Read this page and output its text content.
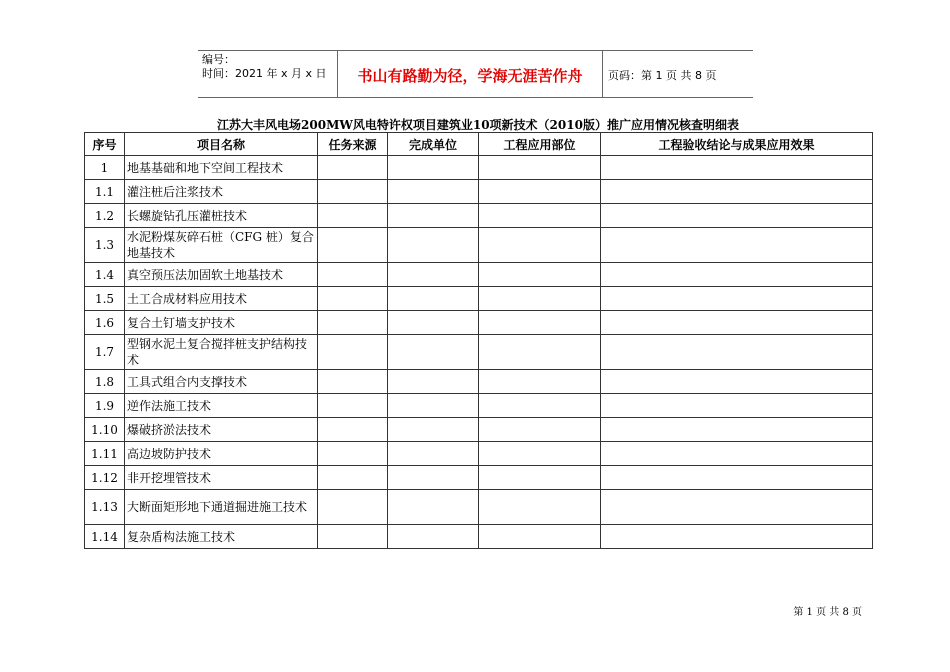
编号：
时间：2021 年 x 月 x 日	书山有路勤为径，学海无涯苦作舟	页码：第 1 页 共 8 页
江苏大丰风电场200MW风电特许权项目建筑业10项新技术（2010版）推广应用情况核查明细表
序号	项目名称	任务来源	完成单位	工程应用部位	工程验收结论与成果应用效果
1	地基基础和地下空间工程技术				
1.1	灌注桩后注浆技术				
1.2	长螺旋钻孔压灌桩技术				
1.3	水泥粉煤灰碎石桩（CFG 桩）复合地基技术				
1.4	真空预压法加固软土地基技术				
1.5	土工合成材料应用技术				
1.6	复合土钉墙支护技术				
1.7	型钢水泥土复合搅拌桩支护结构技术				
1.8	工具式组合内支撑技术				
1.9	逆作法施工技术				
1.10	爆破挤淤法技术				
1.11	高边坡防护技术				
1.12	非开挖埋管技术				
1.13	大断面矩形地下通道掘进施工技术				
1.14	复杂盾构法施工技术				
第 1 页 共 8 页
